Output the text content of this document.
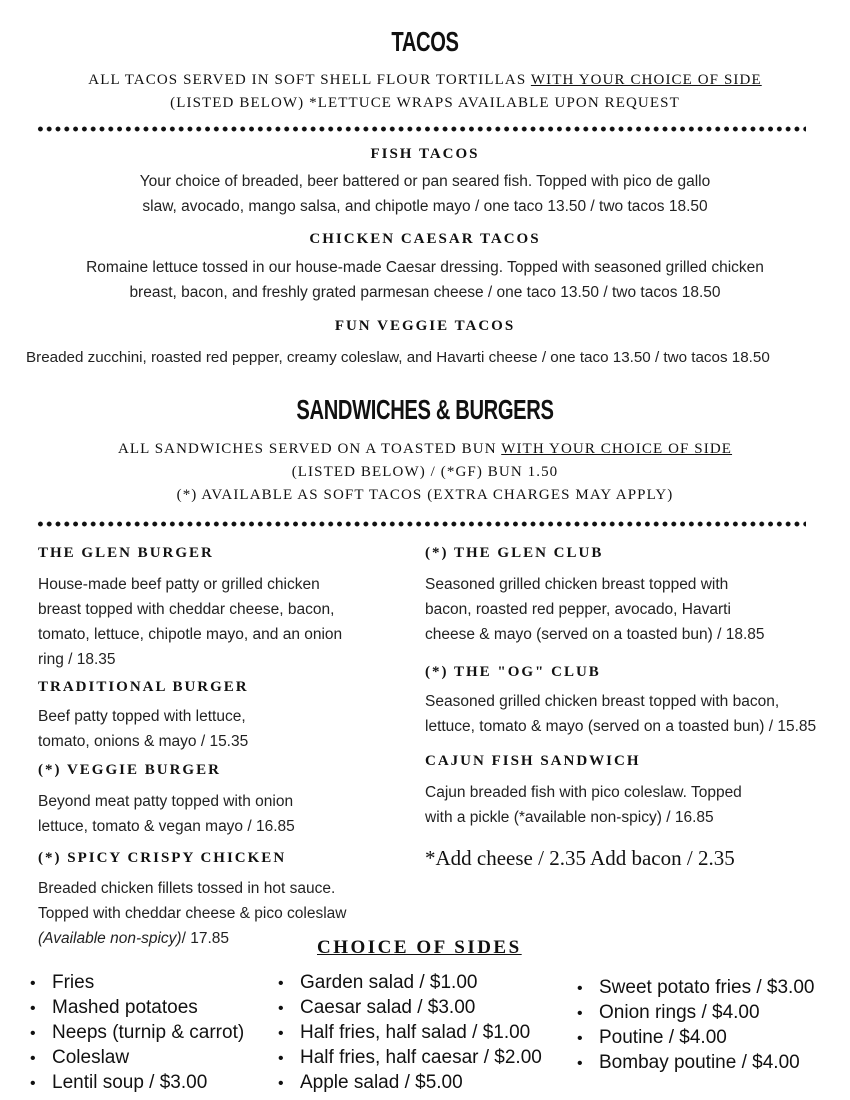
TACOS
ALL TACOS SERVED IN SOFT SHELL FLOUR TORTILLAS WITH YOUR CHOICE OF SIDE
(LISTED BELOW) *LETTUCE WRAPS AVAILABLE UPON REQUEST
FISH TACOS
Your choice of breaded, beer battered or pan seared fish. Topped with pico de gallo
slaw, avocado, mango salsa, and chipotle mayo / one taco 13.50 / two tacos 18.50
CHICKEN CAESAR TACOS
Romaine lettuce tossed in our house-made Caesar dressing. Topped with seasoned grilled chicken
breast, bacon, and freshly grated parmesan cheese / one taco 13.50 / two tacos 18.50
FUN VEGGIE TACOS
Breaded zucchini, roasted red pepper, creamy coleslaw, and Havarti cheese / one taco 13.50 / two tacos 18.50
SANDWICHES & BURGERS
ALL SANDWICHES SERVED ON A TOASTED BUN WITH YOUR CHOICE OF SIDE
(LISTED BELOW) / (*GF) BUN 1.50
(*) AVAILABLE AS SOFT TACOS (EXTRA CHARGES MAY APPLY)
THE GLEN BURGER
House-made beef patty or grilled chicken
breast topped with cheddar cheese, bacon,
tomato, lettuce, chipotle mayo, and an onion
ring / 18.35
TRADITIONAL BURGER
Beef patty topped with lettuce,
tomato, onions & mayo / 15.35
(*) VEGGIE BURGER
Beyond meat patty topped with onion
lettuce, tomato & vegan mayo / 16.85
(*) SPICY CRISPY CHICKEN
Breaded chicken fillets tossed in hot sauce.
Topped with cheddar cheese & pico coleslaw
(Available non-spicy)/ 17.85
(*) THE GLEN CLUB
Seasoned grilled chicken breast topped with
bacon, roasted red pepper, avocado, Havarti
cheese & mayo (served on a toasted bun) / 18.85
(*) THE "OG" CLUB
Seasoned grilled chicken breast topped with bacon,
lettuce, tomato & mayo (served on a toasted bun) / 15.85
CAJUN FISH SANDWICH
Cajun breaded fish with pico coleslaw. Topped
with a pickle (*available non-spicy) / 16.85
*Add cheese / 2.35 Add bacon / 2.35
CHOICE OF SIDES
• Fries
• Mashed potatoes
• Neeps (turnip & carrot)
• Coleslaw
• Lentil soup / $3.00
• Garden salad / $1.00
• Caesar salad / $3.00
• Half fries, half salad / $1.00
• Half fries, half caesar / $2.00
• Apple salad / $5.00
• Sweet potato fries / $3.00
• Onion rings / $4.00
• Poutine / $4.00
• Bombay poutine / $4.00
